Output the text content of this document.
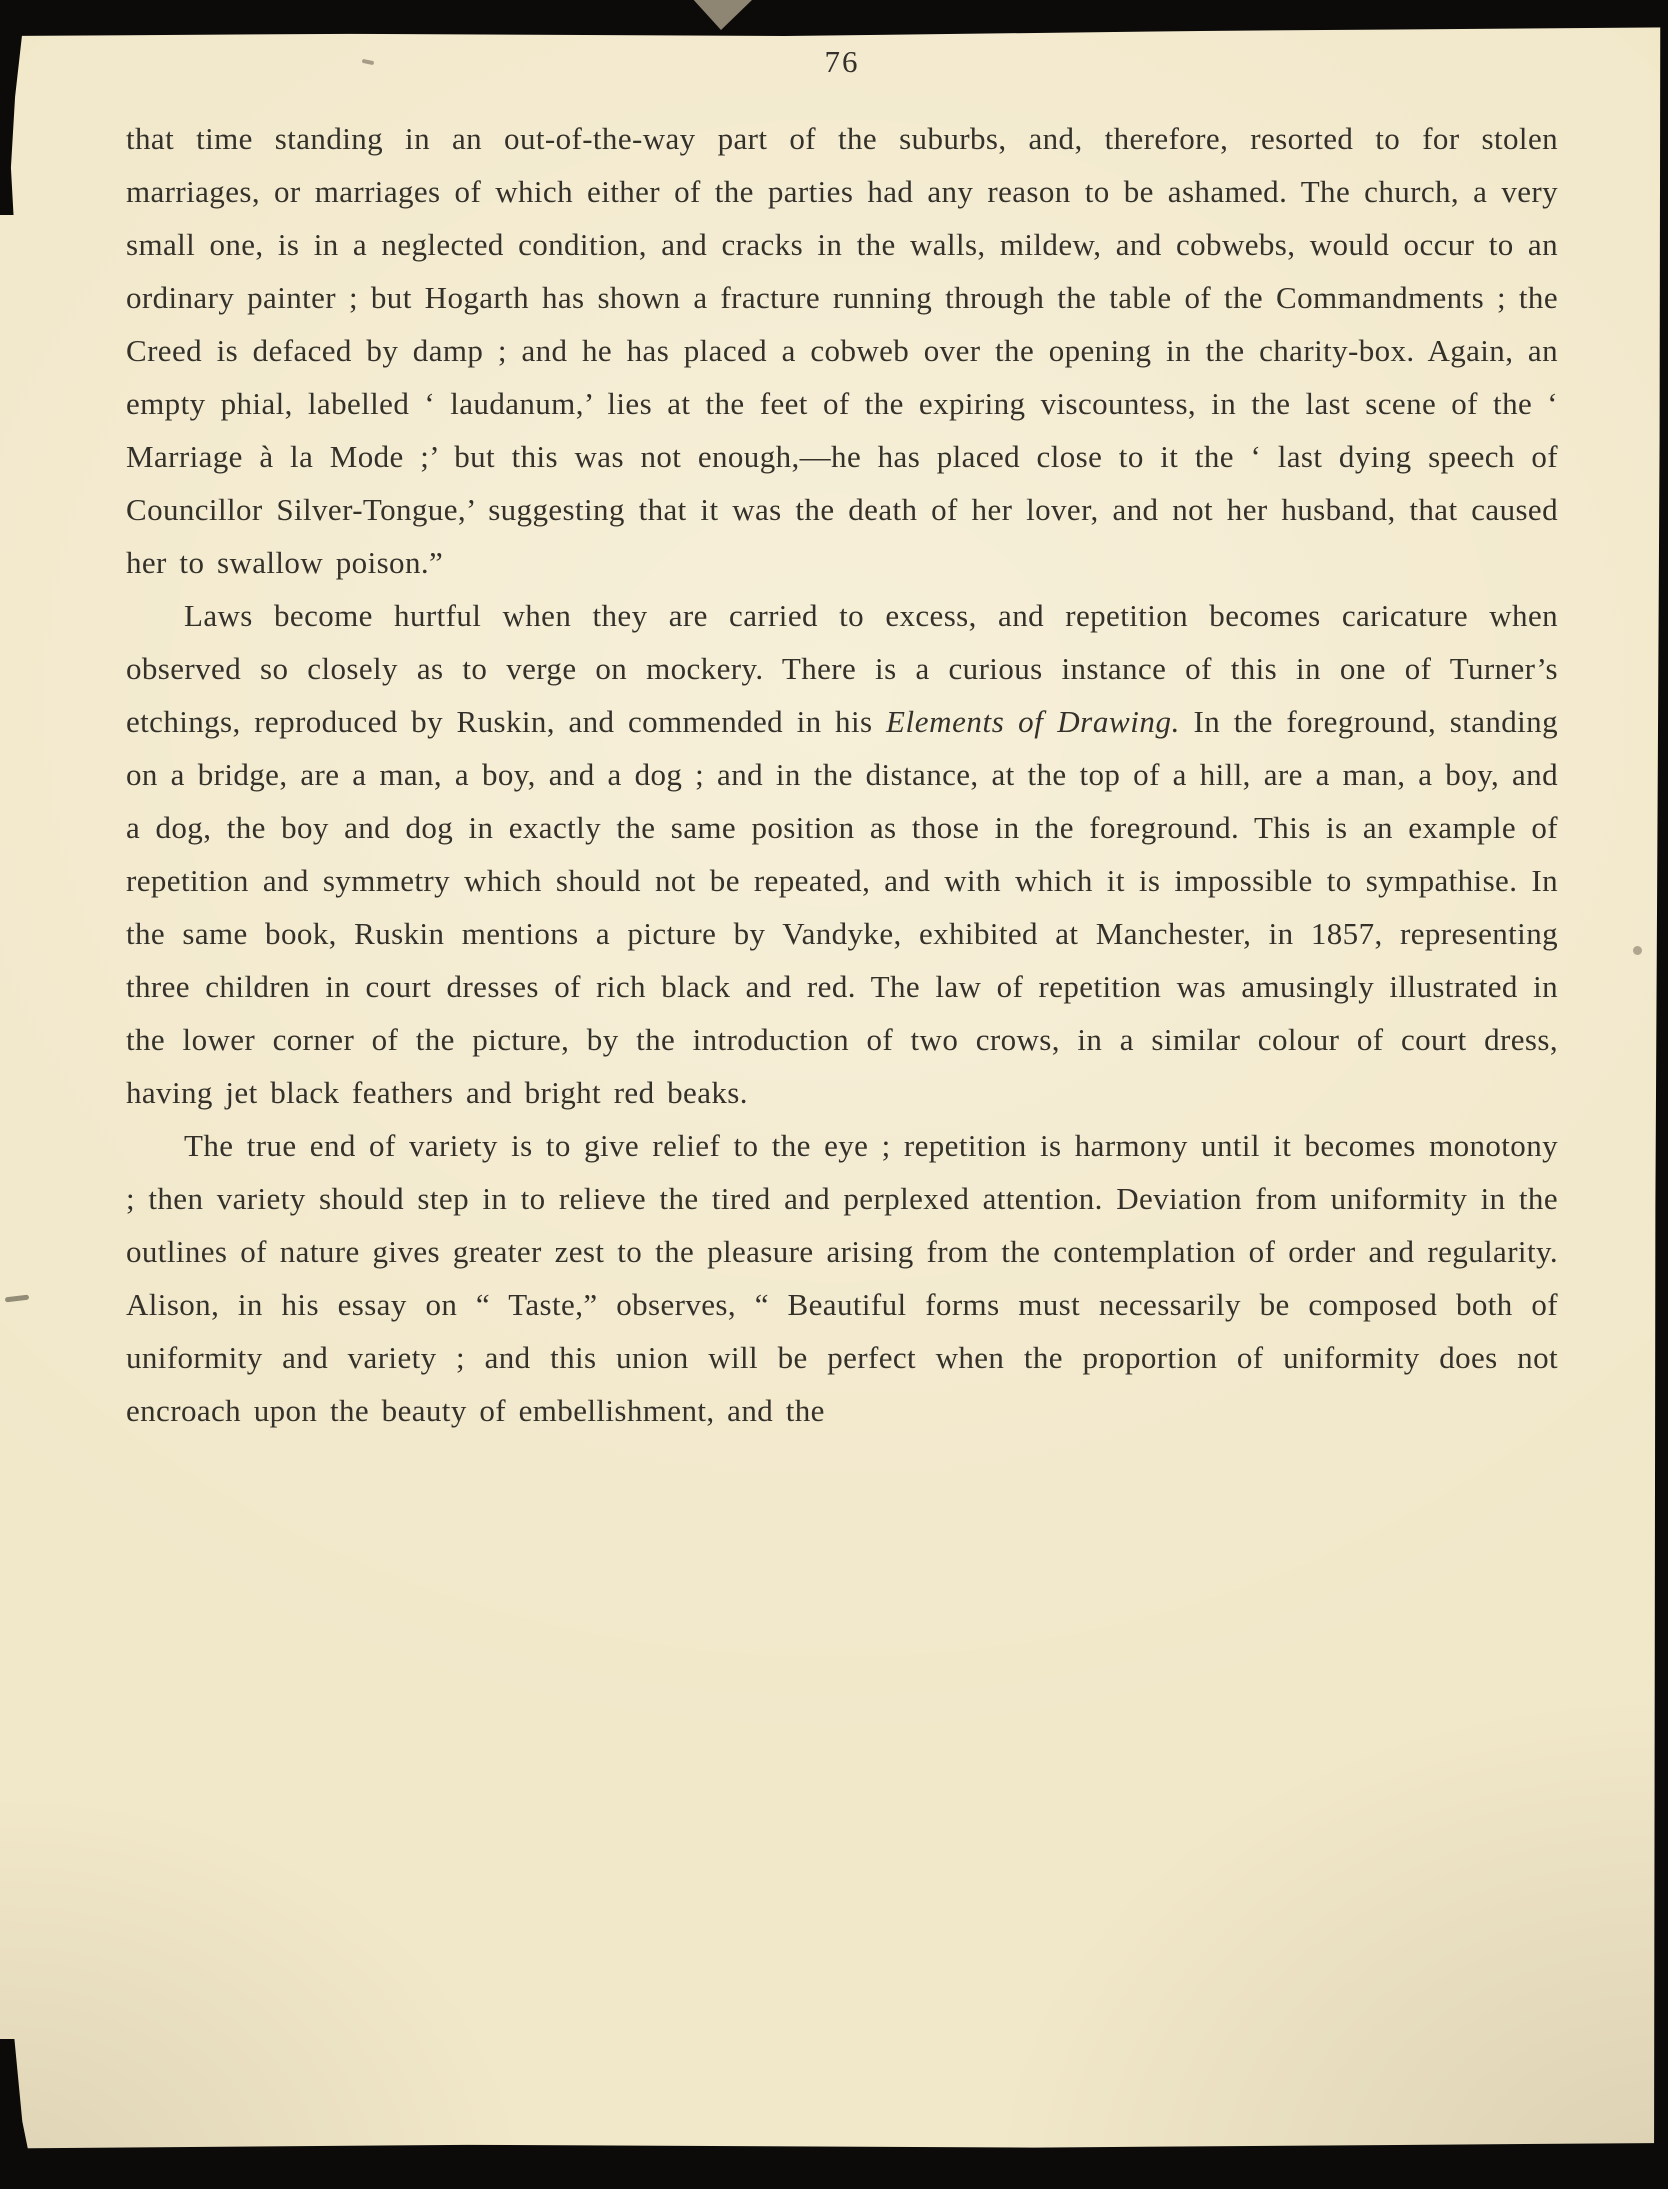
76

that time standing in an out-of-the-way part of the suburbs, and, therefore, resorted to for stolen marriages, or marriages of which either of the parties had any reason to be ashamed. The church, a very small one, is in a neglected condition, and cracks in the walls, mildew, and cobwebs, would occur to an ordinary painter ; but Hogarth has shown a fracture running through the table of the Commandments ; the Creed is defaced by damp ; and he has placed a cobweb over the opening in the charity-box. Again, an empty phial, labelled ‘ laudanum,’ lies at the feet of the expiring viscountess, in the last scene of the ‘ Marriage à la Mode ;’ but this was not enough,—he has placed close to it the ‘ last dying speech of Councillor Silver-Tongue,’ suggesting that it was the death of her lover, and not her husband, that caused her to swallow poison.”

Laws become hurtful when they are carried to excess, and repetition becomes caricature when observed so closely as to verge on mockery. There is a curious instance of this in one of Turner’s etchings, reproduced by Ruskin, and commended in his Elements of Drawing. In the foreground, standing on a bridge, are a man, a boy, and a dog ; and in the distance, at the top of a hill, are a man, a boy, and a dog, the boy and dog in exactly the same position as those in the foreground. This is an example of repetition and symmetry which should not be repeated, and with which it is impossible to sympathise. In the same book, Ruskin mentions a picture by Vandyke, exhibited at Manchester, in 1857, representing three children in court dresses of rich black and red. The law of repetition was amusingly illustrated in the lower corner of the picture, by the introduction of two crows, in a similar colour of court dress, having jet black feathers and bright red beaks.

The true end of variety is to give relief to the eye ; repetition is harmony until it becomes monotony ; then variety should step in to relieve the tired and perplexed attention. Deviation from uniformity in the outlines of nature gives greater zest to the pleasure arising from the contemplation of order and regularity. Alison, in his essay on “ Taste,” observes, “ Beautiful forms must necessarily be composed both of uniformity and variety ; and this union will be perfect when the proportion of uniformity does not encroach upon the beauty of embellishment, and the
